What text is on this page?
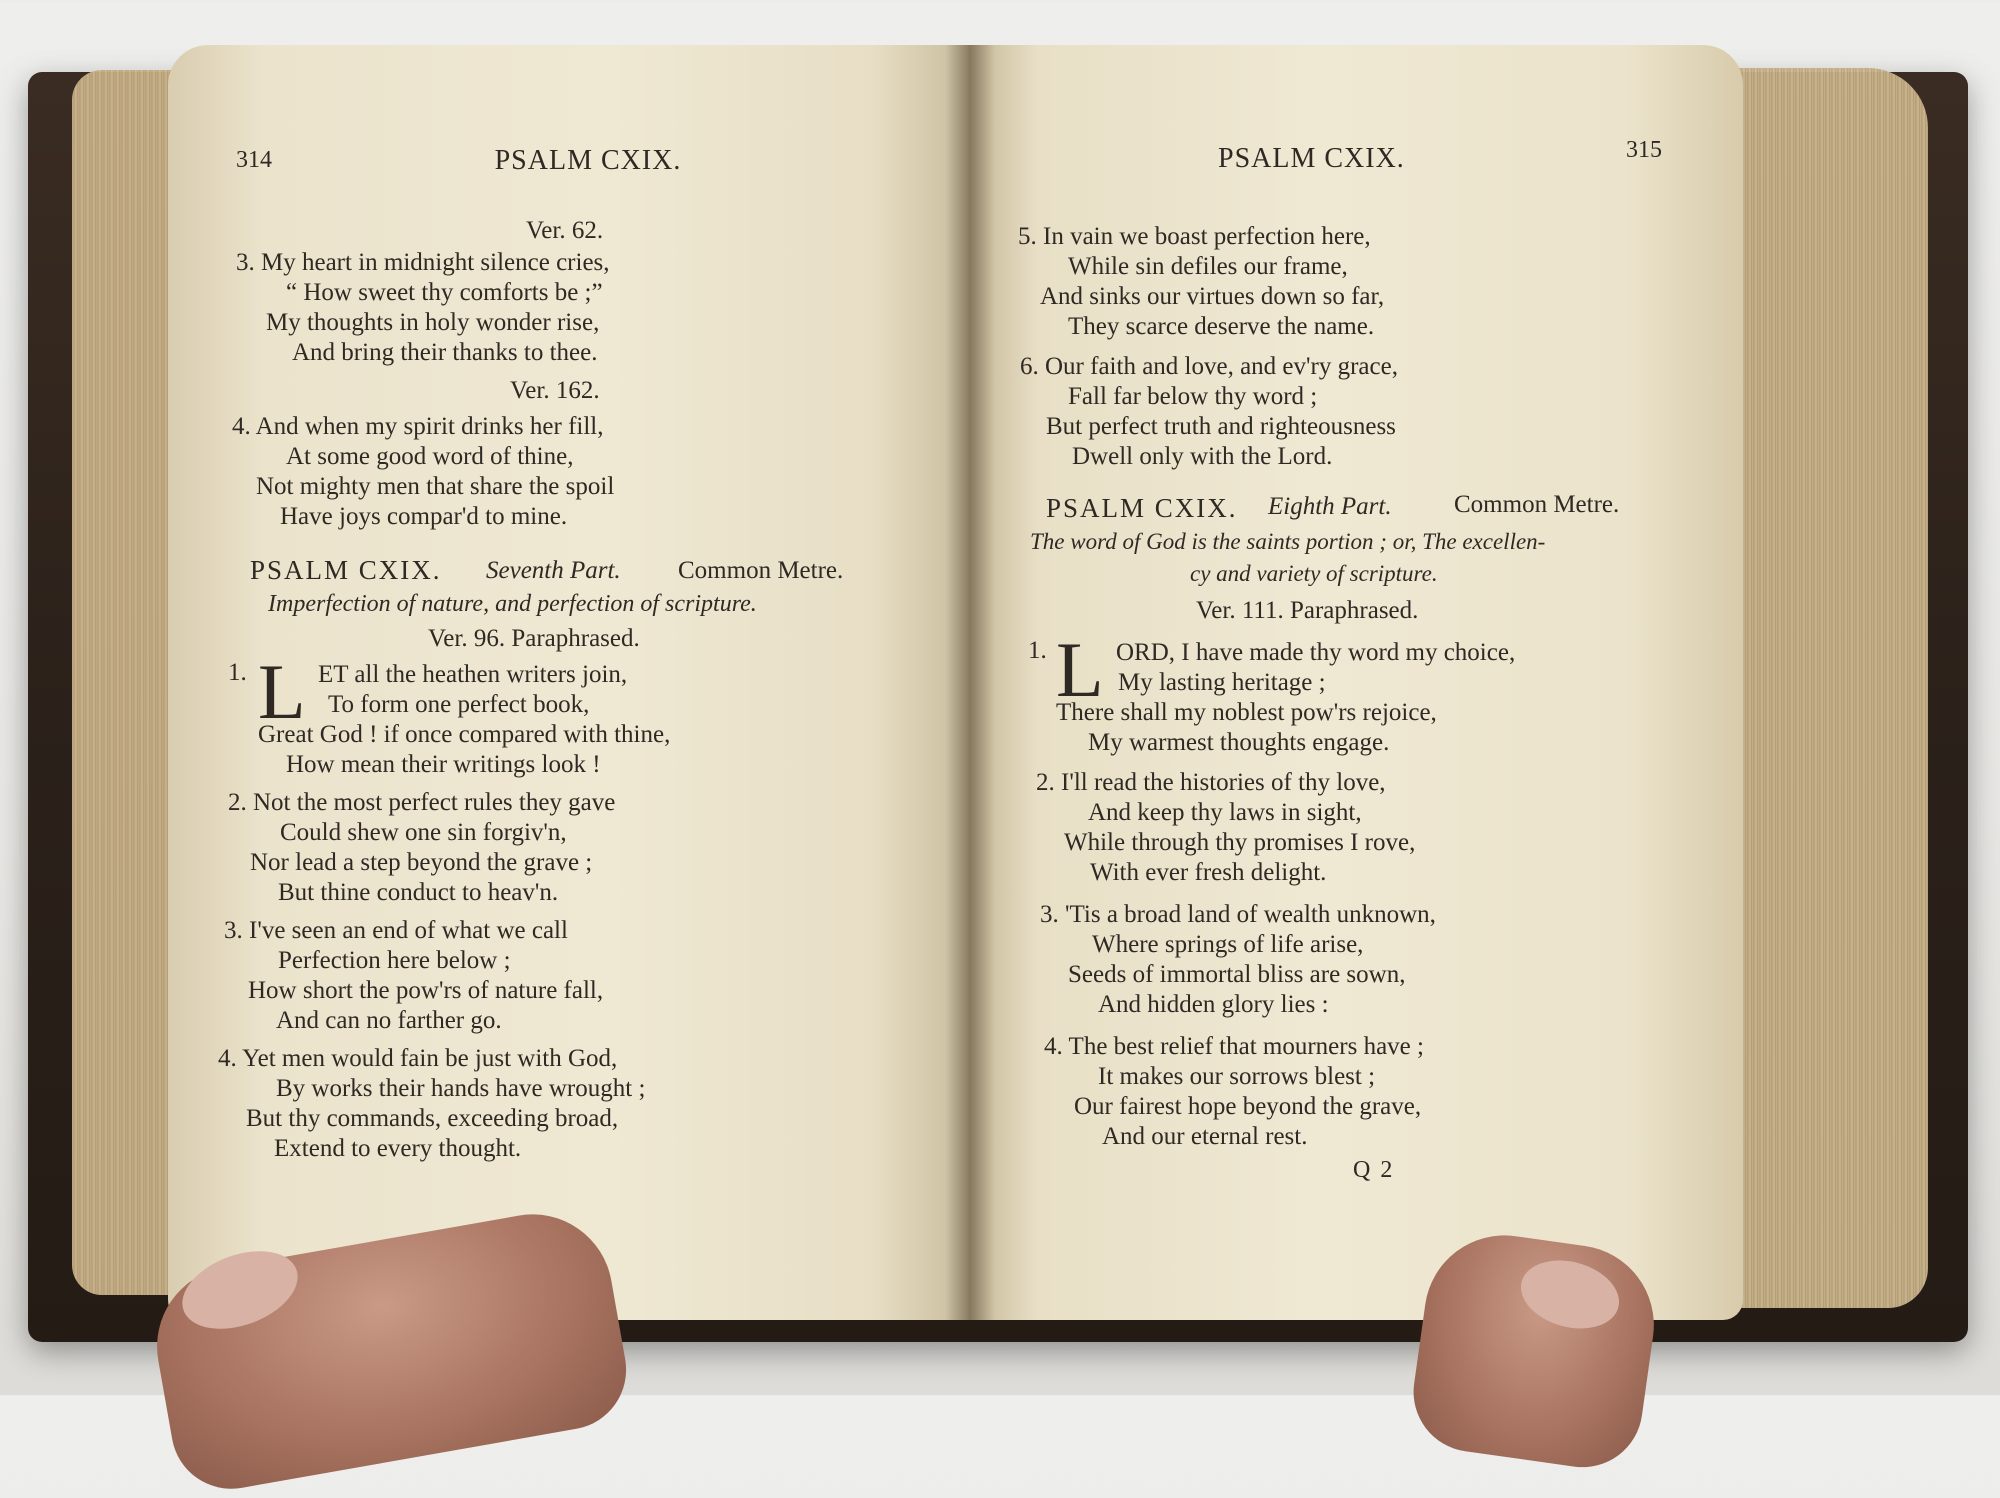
314	PSALM CXIX.
Ver. 62.
3. My heart in midnight silence cries,
“ How sweet thy comforts be ;”
My thoughts in holy wonder rise,
And bring their thanks to thee.
Ver. 162.
4. And when my spirit drinks her fill,
At some good word of thine,
Not mighty men that share the spoil
Have joys compar'd to mine.
PSALM CXIX. Seventh Part. Common Metre.
Imperfection of nature, and perfection of scripture.
Ver. 96. Paraphrased.
1. L ET all the heathen writers join,
To form one perfect book,
Great God ! if once compared with thine,
How mean their writings look !
2. Not the most perfect rules they gave
Could shew one sin forgiv'n,
Nor lead a step beyond the grave ;
But thine conduct to heav'n.
3. I've seen an end of what we call
Perfection here below ;
How short the pow'rs of nature fall,
And can no farther go.
4. Yet men would fain be just with God,
By works their hands have wrought ;
But thy commands, exceeding broad,
Extend to every thought.
PSALM CXIX.	315
5. In vain we boast perfection here,
While sin defiles our frame,
And sinks our virtues down so far,
They scarce deserve the name.
6. Our faith and love, and ev'ry grace,
Fall far below thy word ;
But perfect truth and righteousness
Dwell only with the Lord.
PSALM CXIX. Eighth Part. Common Metre.
The word of God is the saints portion ; or, The excellen-
cy and variety of scripture.
Ver. 111. Paraphrased.
1. L ORD, I have made thy word my choice,
My lasting heritage ;
There shall my noblest pow'rs rejoice,
My warmest thoughts engage.
2. I'll read the histories of thy love,
And keep thy laws in sight,
While through thy promises I rove,
With ever fresh delight.
3. 'Tis a broad land of wealth unknown,
Where springs of life arise,
Seeds of immortal bliss are sown,
And hidden glory lies :
4. The best relief that mourners have ;
It makes our sorrows blest ;
Our fairest hope beyond the grave,
And our eternal rest.
Q 2
